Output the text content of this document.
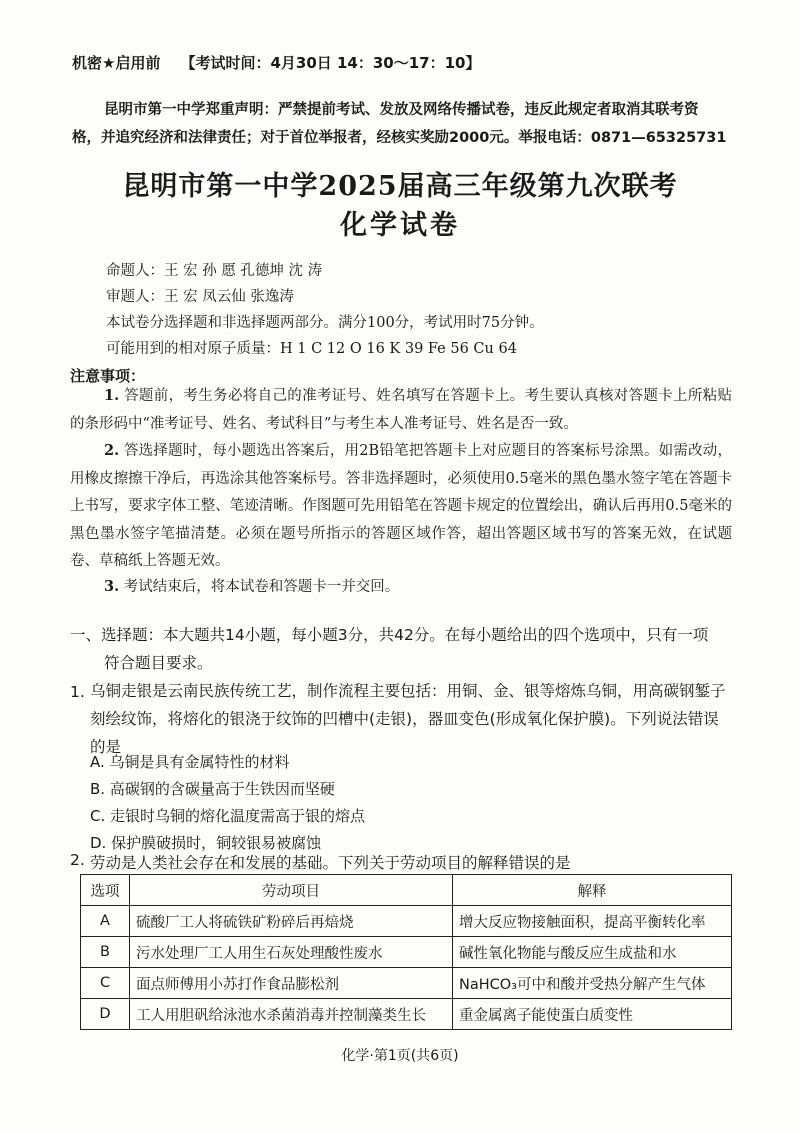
机密★启用前 【考试时间：4月30日 14：30～17：10】
昆明市第一中学郑重声明：严禁提前考试、发放及网络传播试卷，违反此规定者取消其联考资
格，并追究经济和法律责任；对于首位举报者，经核实奖励2000元。举报电话：0871—65325731
昆明市第一中学2025届高三年级第九次联考
化学试卷
命题人：王 宏 孙 愿 孔德坤 沈 涛
审题人：王 宏 凤云仙 张逸涛
本试卷分选择题和非选择题两部分。满分100分，考试用时75分钟。
可能用到的相对原子质量：H 1 C 12 O 16 K 39 Fe 56 Cu 64
注意事项：
1. 答题前，考生务必将自己的准考证号、姓名填写在答题卡上。考生要认真核对答题卡上所粘贴的条形码中“准考证号、姓名、考试科目”与考生本人准考证号、姓名是否一致。
2. 答选择题时，每小题选出答案后，用2B铅笔把答题卡上对应题目的答案标号涂黑。如需改动，用橡皮擦擦干净后，再选涂其他答案标号。答非选择题时，必须使用0.5毫米的黑色墨水签字笔在答题卡上书写，要求字体工整、笔迹清晰。作图题可先用铅笔在答题卡规定的位置绘出，确认后再用0.5毫米的黑色墨水签字笔描清楚。必须在题号所指示的答题区域作答，超出答题区域书写的答案无效，在试题卷、草稿纸上答题无效。
3. 考试结束后，将本试卷和答题卡一并交回。
一、选择题：本大题共14小题，每小题3分，共42分。在每小题给出的四个选项中，只有一项
符合题目要求。
1. 乌铜走银是云南民族传统工艺，制作流程主要包括：用铜、金、银等熔炼乌铜，用高碳钢錾子刻绘纹饰，将熔化的银浇于纹饰的凹槽中(走银)，器皿变色(形成氧化保护膜)。下列说法错误的是
A. 乌铜是具有金属特性的材料
B. 高碳钢的含碳量高于生铁因而坚硬
C. 走银时乌铜的熔化温度需高于银的熔点
D. 保护膜破损时，铜较银易被腐蚀
2. 劳动是人类社会存在和发展的基础。下列关于劳动项目的解释错误的是
选项	劳动项目	解释
A	硫酸厂工人将硫铁矿粉碎后再焙烧	增大反应物接触面积，提高平衡转化率
B	污水处理厂工人用生石灰处理酸性废水	碱性氧化物能与酸反应生成盐和水
C	面点师傅用小苏打作食品膨松剂	NaHCO₃可中和酸并受热分解产生气体
D	工人用胆矾给泳池水杀菌消毒并控制藻类生长	重金属离子能使蛋白质变性
化学·第1页(共6页)
